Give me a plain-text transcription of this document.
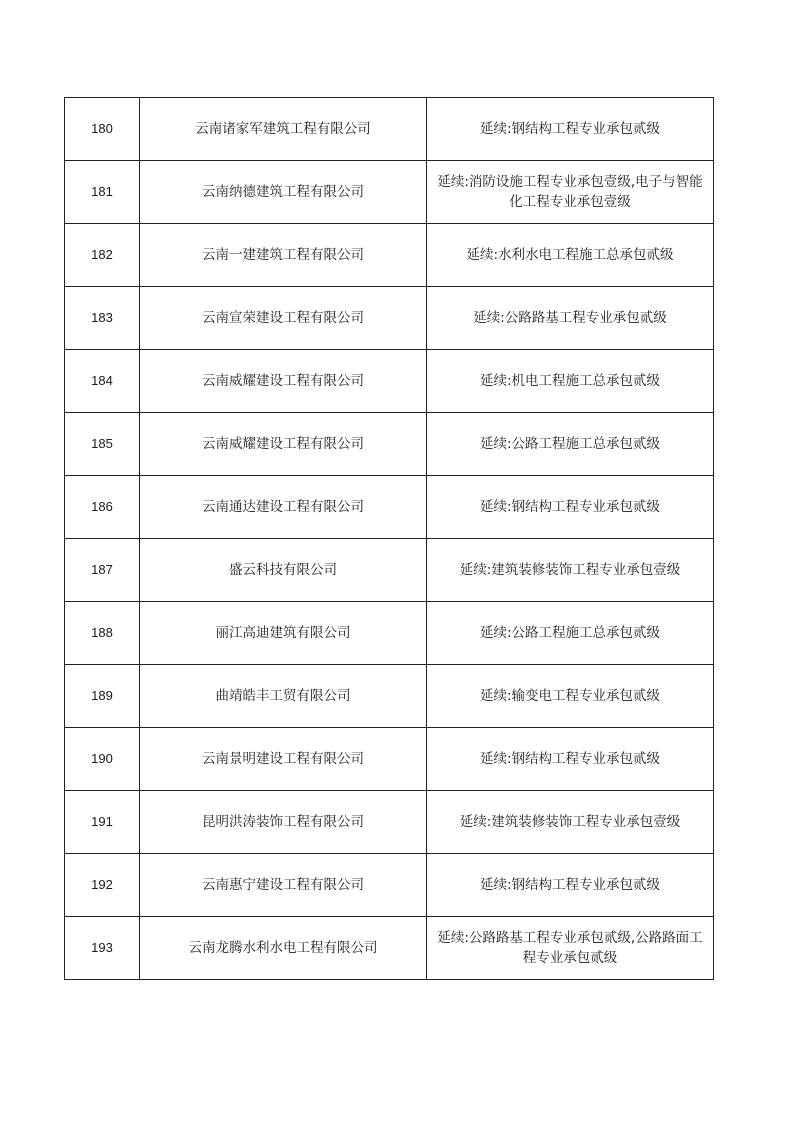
180	云南诸家军建筑工程有限公司	延续:钢结构工程专业承包贰级
181	云南纳德建筑工程有限公司	延续:消防设施工程专业承包壹级,电子与智能化工程专业承包壹级
182	云南一建建筑工程有限公司	延续:水利水电工程施工总承包贰级
183	云南宣荣建设工程有限公司	延续:公路路基工程专业承包贰级
184	云南威耀建设工程有限公司	延续:机电工程施工总承包贰级
185	云南威耀建设工程有限公司	延续:公路工程施工总承包贰级
186	云南通达建设工程有限公司	延续:钢结构工程专业承包贰级
187	盛云科技有限公司	延续:建筑装修装饰工程专业承包壹级
188	丽江高迪建筑有限公司	延续:公路工程施工总承包贰级
189	曲靖皓丰工贸有限公司	延续:输变电工程专业承包贰级
190	云南景明建设工程有限公司	延续:钢结构工程专业承包贰级
191	昆明洪涛装饰工程有限公司	延续:建筑装修装饰工程专业承包壹级
192	云南惠宁建设工程有限公司	延续:钢结构工程专业承包贰级
193	云南龙腾水利水电工程有限公司	延续:公路路基工程专业承包贰级,公路路面工程专业承包贰级
